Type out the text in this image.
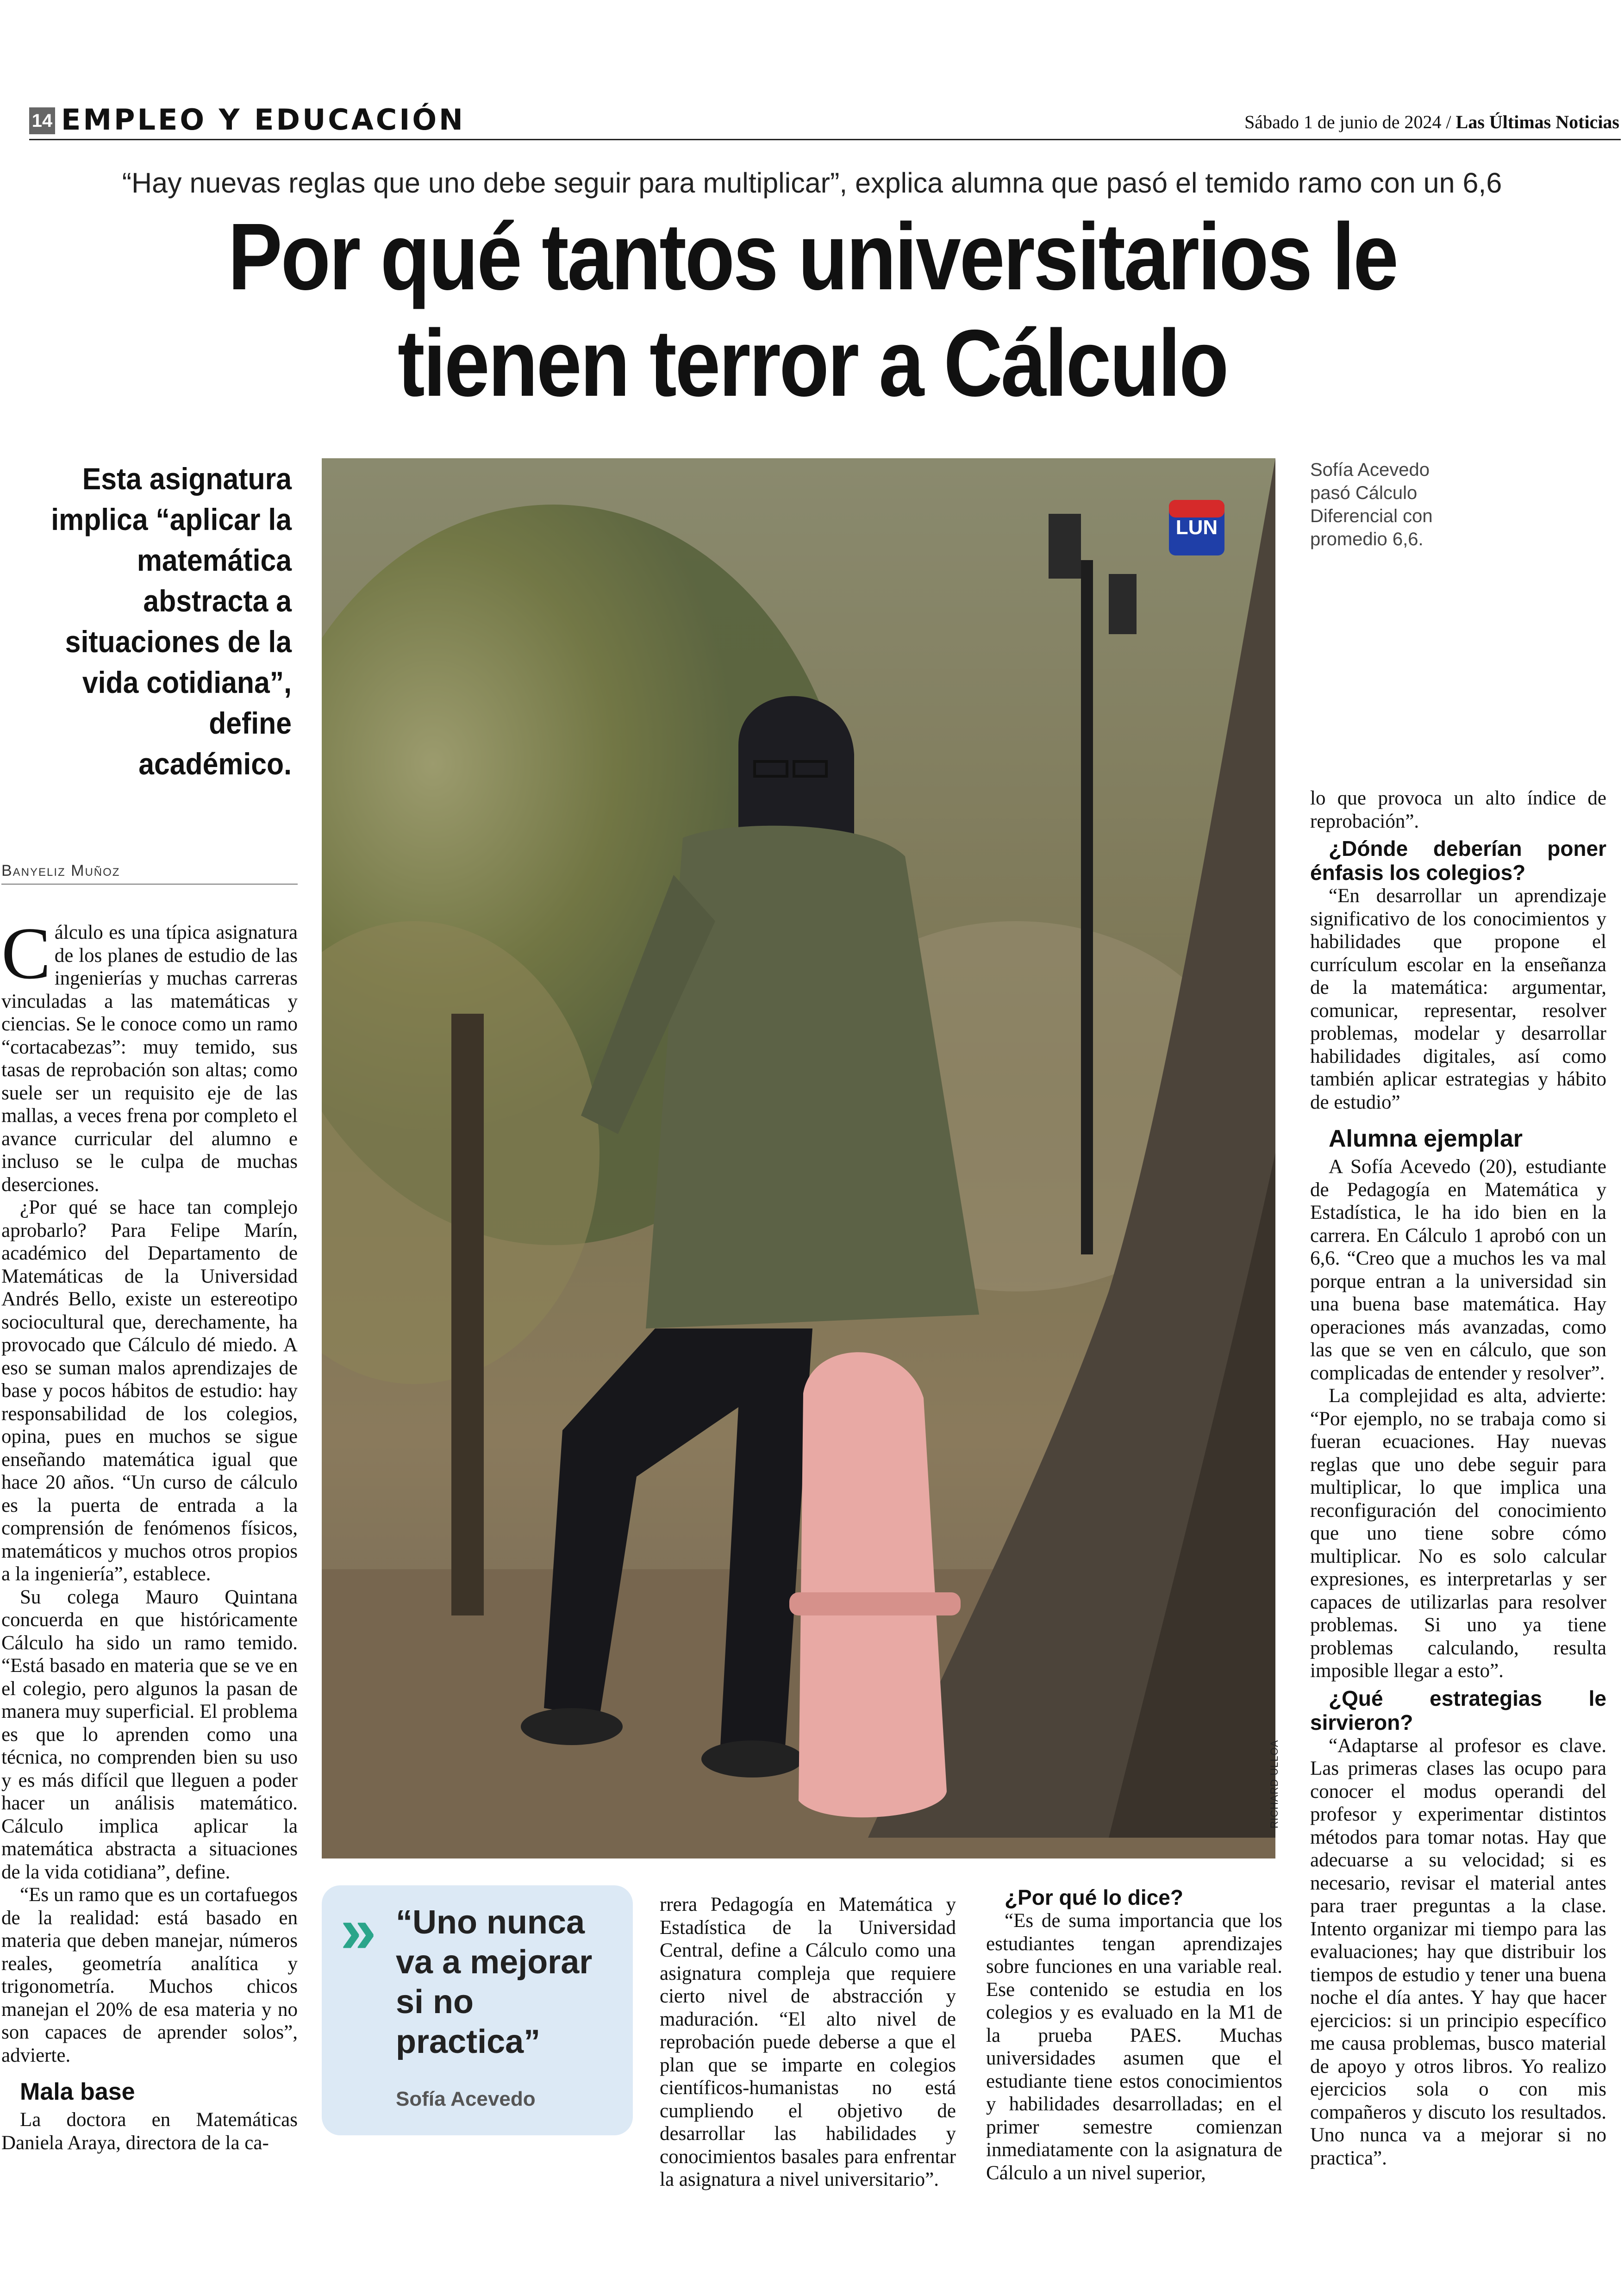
14 EMPLEO Y EDUCACIÓN	Sábado 1 de junio de 2024 / Las Últimas Noticias
“Hay nuevas reglas que uno debe seguir para multiplicar”, explica alumna que pasó el temido ramo con un 6,6
Por qué tantos universitarios le
tienen terror a Cálculo
Esta asignatura implica “aplicar la matemática abstracta a situaciones de la vida cotidiana”, define académico.
Sofía Acevedo pasó Cálculo Diferencial con promedio 6,6.
LUN
RICHARD ULLOA
Banyeliz Muñoz

Cálculo es una típica asignatura de los planes de estudio de las ingenierías y muchas carreras vinculadas a las matemáticas y ciencias. Se le conoce como un ramo “cortacabezas”: muy temido, sus tasas de reprobación son altas; como suele ser un requisito eje de las mallas, a veces frena por completo el avance curricular del alumno e incluso se le culpa de muchas deserciones.

¿Por qué se hace tan complejo aprobarlo? Para Felipe Marín, académico del Departamento de Matemáticas de la Universidad Andrés Bello, existe un estereotipo sociocultural que, derechamente, ha provocado que Cálculo dé miedo. A eso se suman malos aprendizajes de base y pocos hábitos de estudio: hay responsabilidad de los colegios, opina, pues en muchos se sigue enseñando matemática igual que hace 20 años. “Un curso de cálculo es la puerta de entrada a la comprensión de fenómenos físicos, matemáticos y muchos otros propios a la ingeniería”, establece.

Su colega Mauro Quintana concuerda en que históricamente Cálculo ha sido un ramo temido. “Está basado en materia que se ve en el colegio, pero algunos la pasan de manera muy superficial. El problema es que lo aprenden como una técnica, no comprenden bien su uso y es más difícil que lleguen a poder hacer un análisis matemático. Cálculo implica aplicar la matemática abstracta a situaciones de la vida cotidiana”, define.

“Es un ramo que es un cortafuegos de la realidad: está basado en materia que deben manejar, números reales, geometría analítica y trigonometría. Muchos chicos manejan el 20% de esa materia y no son capaces de aprender solos”, advierte.

Mala base

La doctora en Matemáticas Daniela Araya, directora de la ca-

» “Uno nunca va a mejorar si no practica”
Sofía Acevedo

rrera Pedagogía en Matemática y Estadística de la Universidad Central, define a Cálculo como una asignatura compleja que requiere cierto nivel de abstracción y maduración. “El alto nivel de reprobación puede deberse a que el plan que se imparte en colegios científicos-humanistas no está cumpliendo el objetivo de desarrollar las habilidades y conocimientos basales para enfrentar la asignatura a nivel universitario”.

¿Por qué lo dice?

“Es de suma importancia que los estudiantes tengan aprendizajes sobre funciones en una variable real. Ese contenido se estudia en los colegios y es evaluado en la M1 de la prueba PAES. Muchas universidades asumen que el estudiante tiene estos conocimientos y habilidades desarrolladas; en el primer semestre comienzan inmediatamente con la asignatura de Cálculo a un nivel superior,

lo que provoca un alto índice de reprobación”.

¿Dónde deberían poner énfasis los colegios?

“En desarrollar un aprendizaje significativo de los conocimientos y habilidades que propone el currículum escolar en la enseñanza de la matemática: argumentar, comunicar, representar, resolver problemas, modelar y desarrollar habilidades digitales, así como también aplicar estrategias y hábito de estudio”

Alumna ejemplar

A Sofía Acevedo (20), estudiante de Pedagogía en Matemática y Estadística, le ha ido bien en la carrera. En Cálculo 1 aprobó con un 6,6. “Creo que a muchos les va mal porque entran a la universidad sin una buena base matemática. Hay operaciones más avanzadas, como las que se ven en cálculo, que son complicadas de entender y resolver”.

La complejidad es alta, advierte: “Por ejemplo, no se trabaja como si fueran ecuaciones. Hay nuevas reglas que uno debe seguir para multiplicar, lo que implica una reconfiguración del conocimiento que uno tiene sobre cómo multiplicar. No es solo calcular expresiones, es interpretarlas y ser capaces de utilizarlas para resolver problemas. Si uno ya tiene problemas calculando, resulta imposible llegar a esto”.

¿Qué estrategias le sirvieron?

“Adaptarse al profesor es clave. Las primeras clases las ocupo para conocer el modus operandi del profesor y experimentar distintos métodos para tomar notas. Hay que adecuarse a su velocidad; si es necesario, revisar el material antes para traer preguntas a la clase. Intento organizar mi tiempo para las evaluaciones; hay que distribuir los tiempos de estudio y tener una buena noche el día antes. Y hay que hacer ejercicios: si un principio específico me causa problemas, busco material de apoyo y otros libros. Yo realizo ejercicios sola o con mis compañeros y discuto los resultados. Uno nunca va a mejorar si no practica”.
